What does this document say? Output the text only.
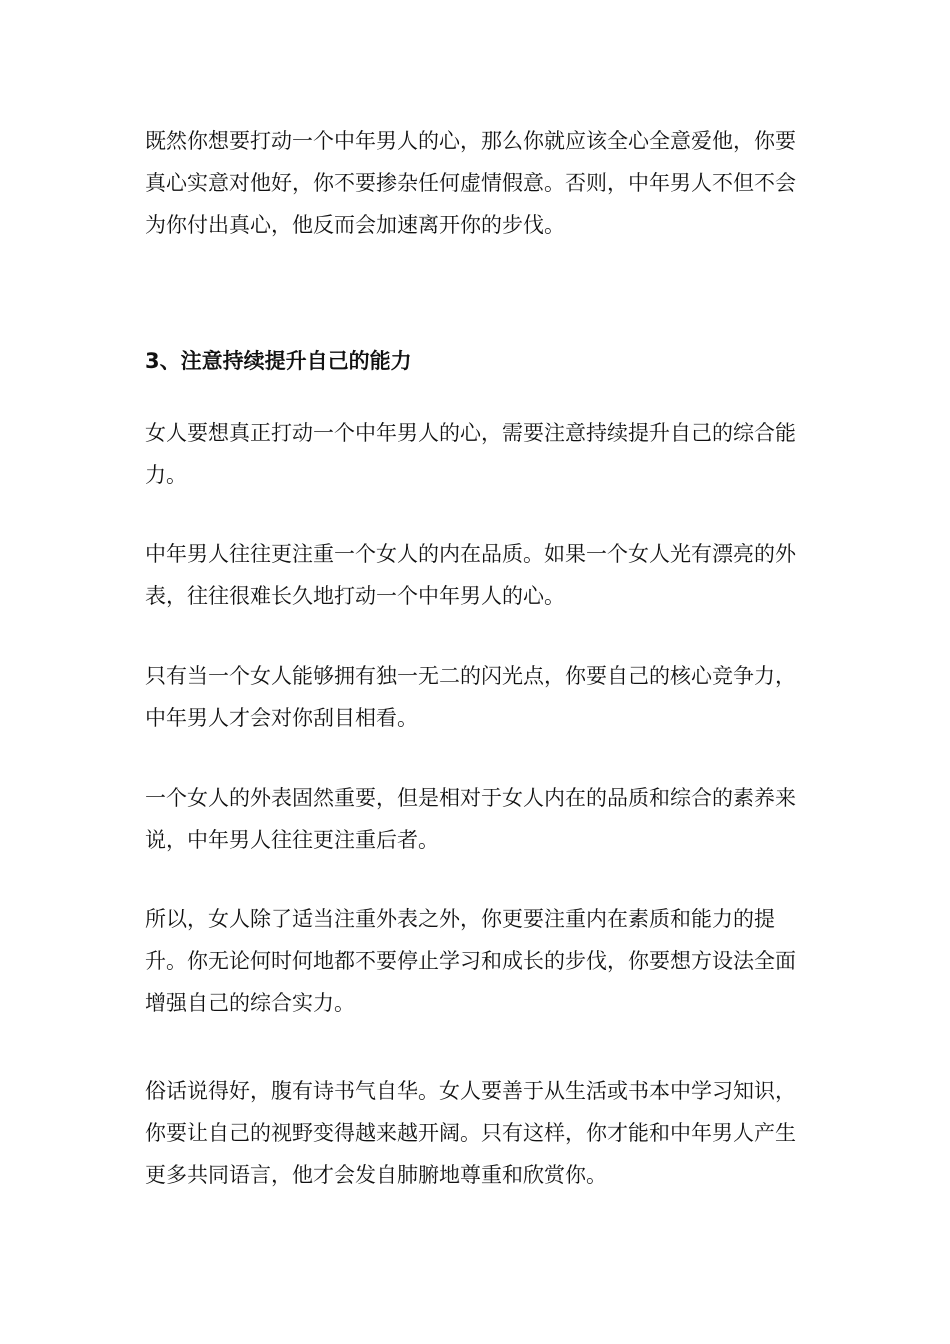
既然你想要打动一个中年男人的心，那么你就应该全心全意爱他，你要真心实意对他好，你不要掺杂任何虚情假意。否则，中年男人不但不会为你付出真心，他反而会加速离开你的步伐。

3、注意持续提升自己的能力

女人要想真正打动一个中年男人的心，需要注意持续提升自己的综合能力。

中年男人往往更注重一个女人的内在品质。如果一个女人光有漂亮的外表，往往很难长久地打动一个中年男人的心。

只有当一个女人能够拥有独一无二的闪光点，你要自己的核心竞争力，中年男人才会对你刮目相看。

一个女人的外表固然重要，但是相对于女人内在的品质和综合的素养来说，中年男人往往更注重后者。

所以，女人除了适当注重外表之外，你更要注重内在素质和能力的提升。你无论何时何地都不要停止学习和成长的步伐，你要想方设法全面增强自己的综合实力。

俗话说得好，腹有诗书气自华。女人要善于从生活或书本中学习知识，你要让自己的视野变得越来越开阔。只有这样，你才能和中年男人产生更多共同语言，他才会发自肺腑地尊重和欣赏你。
